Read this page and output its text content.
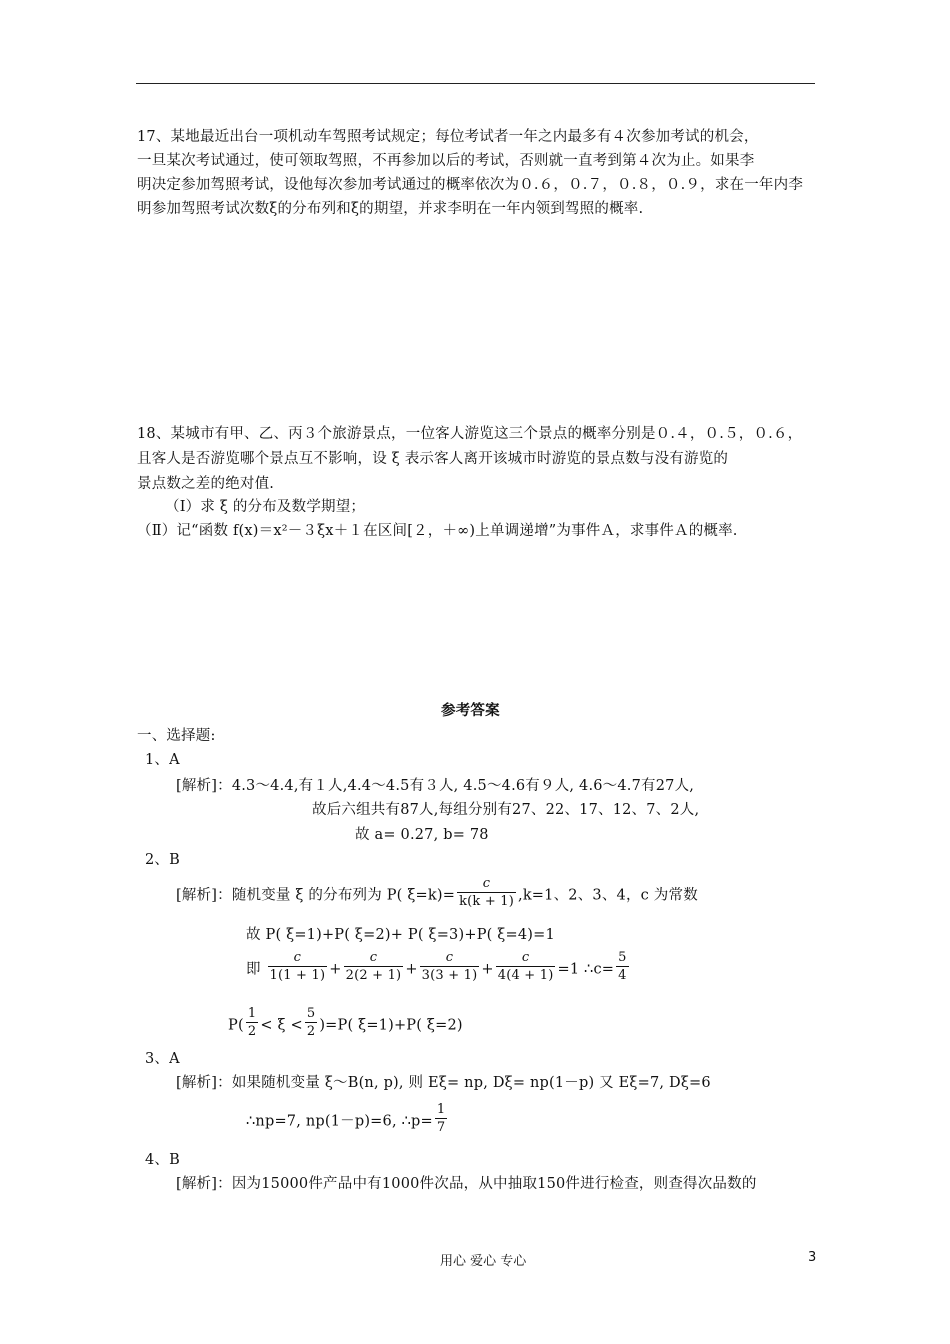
17、某地最近出台一项机动车驾照考试规定；每位考试者一年之内最多有４次参加考试的机会，
一旦某次考试通过，使可领取驾照，不再参加以后的考试，否则就一直考到第４次为止。如果李
明决定参加驾照考试，设他每次参加考试通过的概率依次为０.６，０.７，０.８，０.９，求在一年内李
明参加驾照考试次数ξ的分布列和ξ的期望，并求李明在一年内领到驾照的概率.
18、某城市有甲、乙、丙３个旅游景点，一位客人游览这三个景点的概率分别是０.４，０.５，０.６，
且客人是否游览哪个景点互不影响，设 ξ 表示客人离开该城市时游览的景点数与没有游览的
景点数之差的绝对值.
（Ⅰ）求 ξ 的分布及数学期望；
（Ⅱ）记“函数 f(x)＝x²－３ξx＋１在区间[２，＋∞)上单调递增”为事件Ａ，求事件Ａ的概率.
参考答案
一、选择题:
1、A
[解析]：4.3～4.4,有１人,4.4～4.5有３人, 4.5～4.6有９人, 4.6～4.7有27人,
故后六组共有87人,每组分别有27、22、17、12、7、2人,
故 a= 0.27, b= 78
2、B
[解析]：随机变量 ξ 的分布列为 P( $\xi=k)= \frac{c}{k(k + 1)} ,k=1$、2、3、4，c 为常数
故 P( ξ=1)+P( ξ=2)+ P( ξ=3)+P( ξ=4)=1
即 $\frac{c}{1(1 + 1)} + \frac{c}{2(2 + 1)} + \frac{c}{3(3 + 1)} + \frac{c}{4(4 + 1)} =1$ ∴c= $\frac{5}{4}$
$P( \frac{1}{2} < \xi < \frac{5}{2} )=P$( ξ=1)+P( ξ=2)
3、A
[解析]：如果随机变量 ξ～B(n, p), 则 Eξ= np, Dξ= np(1－p) 又 Eξ=7, Dξ=6
∴np=7, np(1－p)=6, ∴p= $\frac{1}{7}$
4、B
[解析]：因为15000件产品中有1000件次品，从中抽取150件进行检查，则查得次品数的
用心 爱心 专心	3
